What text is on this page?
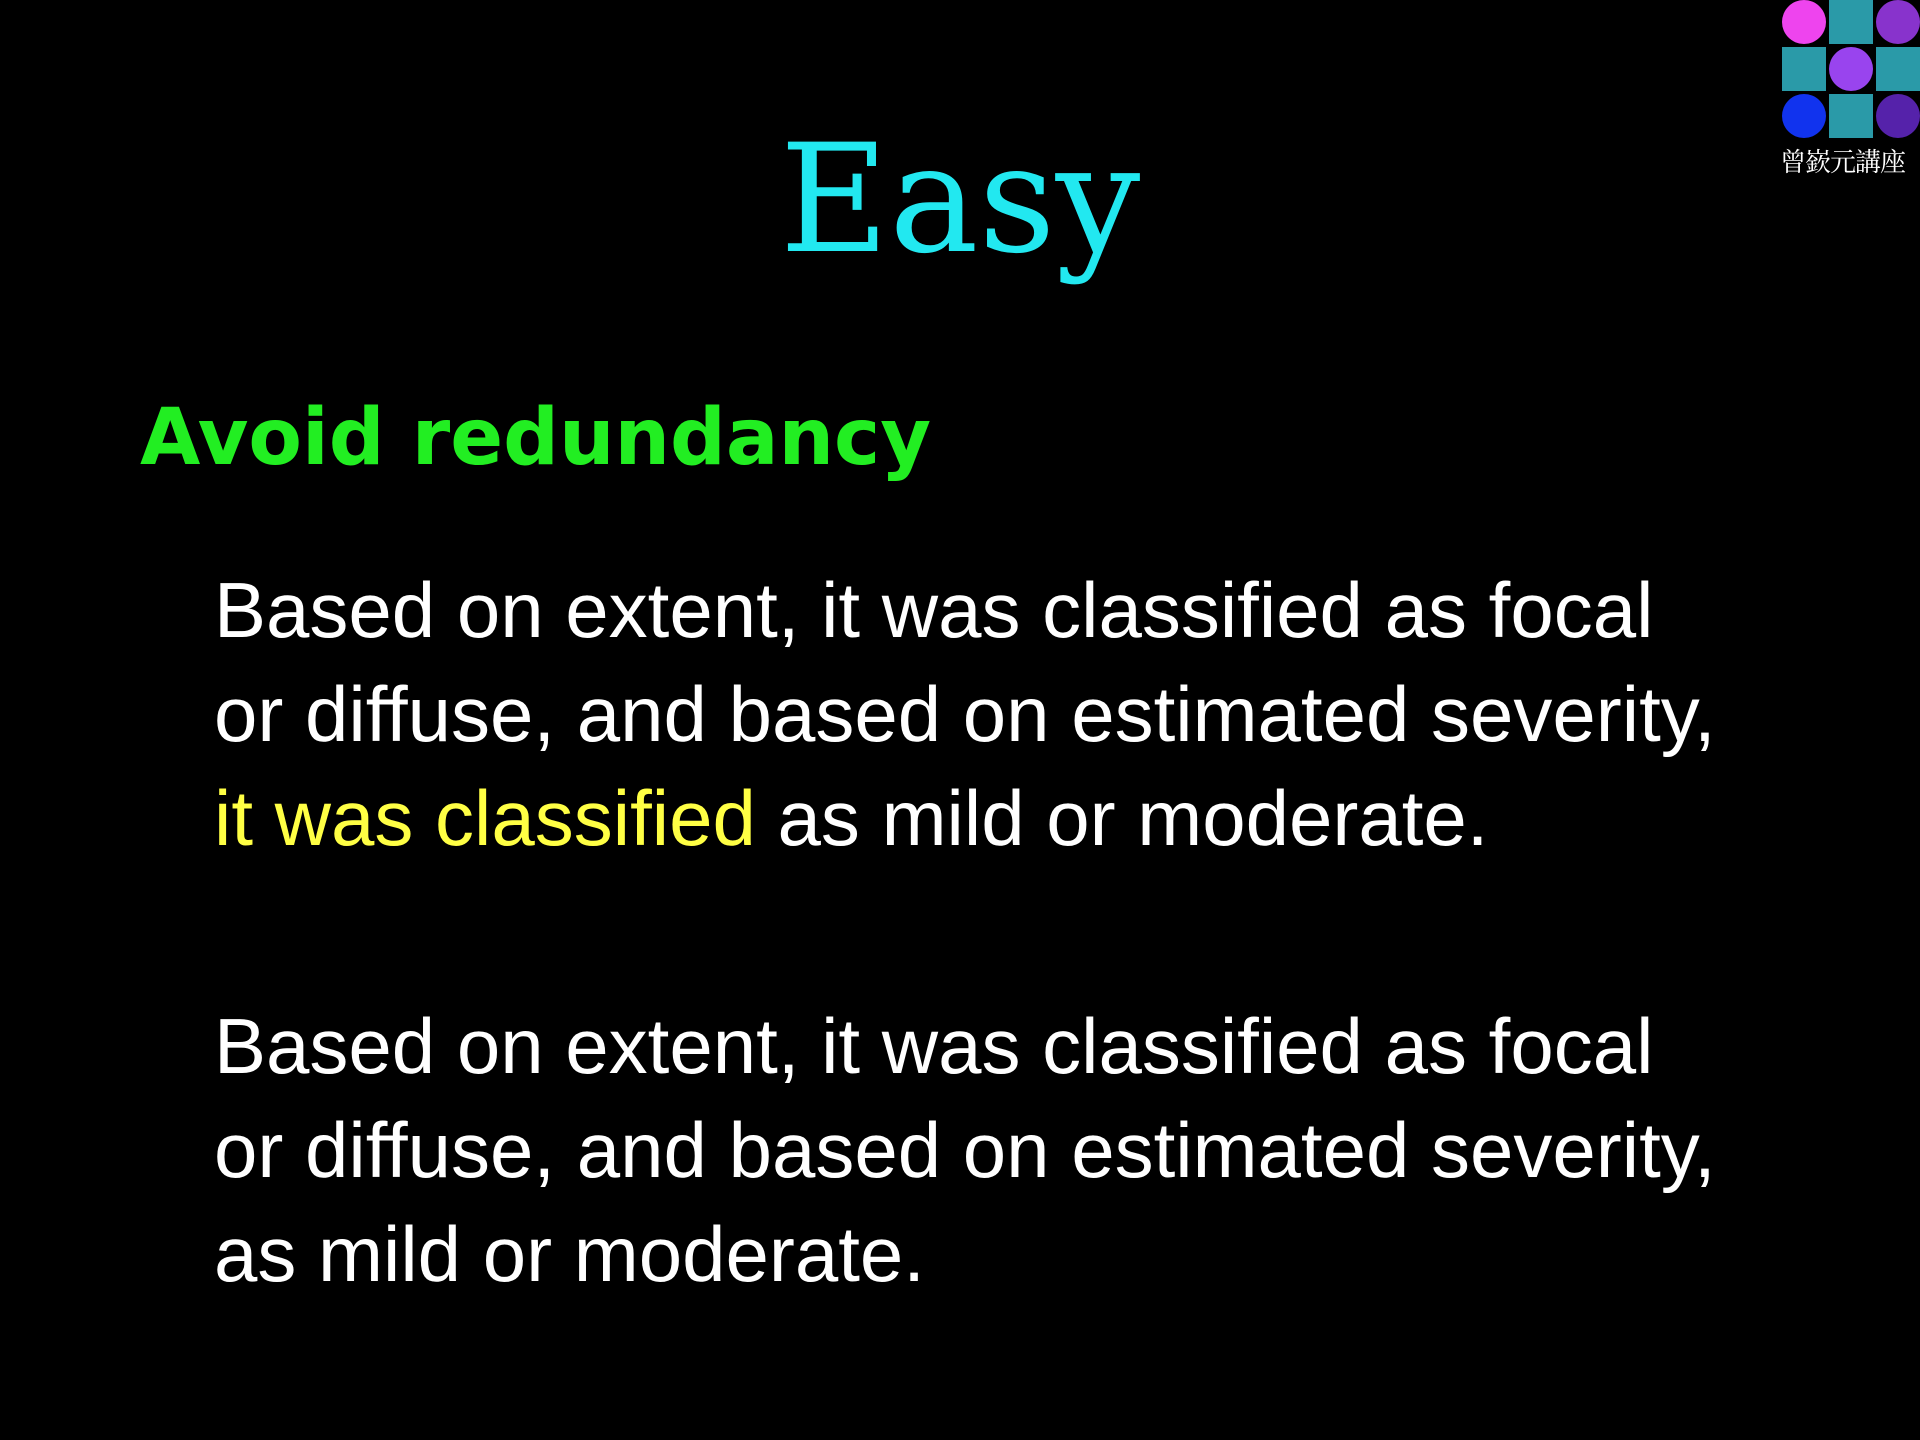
曾嶔元講座
Easy
Avoid redundancy
Based on extent, it was classified as focal
or diffuse, and based on estimated severity,
it was classified as mild or moderate.
Based on extent, it was classified as focal
or diffuse, and based on estimated severity,
as mild or moderate.
